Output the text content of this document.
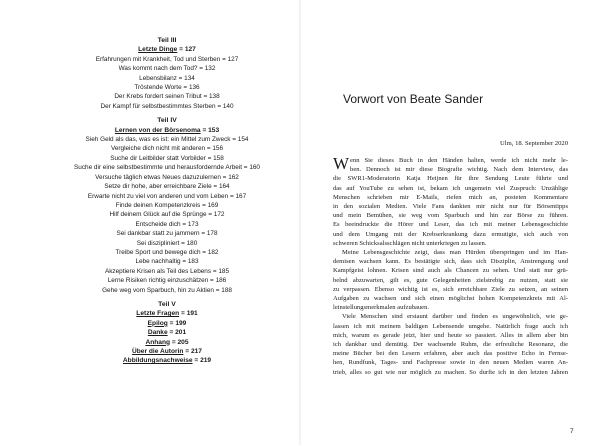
Teil III
Letzte Dinge = 127
Erfahrungen mit Krankheit, Tod und Sterben = 127
Was kommt nach dem Tod? = 132
Lebensbilanz = 134
Tröstende Worte = 136
Der Krebs fordert seinen Tribut = 138
Der Kampf für selbstbestimmtes Sterben = 140
Teil IV
Lernen von der Börsenoma = 153
Sieh Geld als das, was es ist: ein Mittel zum Zweck = 154
Vergleiche dich nicht mit anderen = 156
Suche dir Leitbilder statt Vorbilder = 158
Suche dir eine selbstbestimmte und herausfordernde Arbeit = 160
Versuche täglich etwas Neues dazuzulernen = 162
Setze dir hohe, aber erreichbare Ziele = 164
Erwarte nicht zu viel von anderen und vom Leben = 167
Finde deinen Kompetenzkreis = 169
Hilf deinem Glück auf die Sprünge = 172
Entscheide dich = 173
Sei dankbar statt zu jammern = 178
Sei diszipliniert = 180
Treibe Sport und bewege dich = 182
Lebe nachhaltig = 183
Akzeptiere Krisen als Teil des Lebens = 185
Lerne Risiken richtig einzuschätzen = 186
Gehe weg vom Sparbuch, hin zu Aktien = 188
Teil V
Letzte Fragen = 191
Epilog = 199
Danke = 201
Anhang = 205
Über die Autorin = 217
Abbildungsnachweise = 219
Vorwort von Beate Sander
Ulm, 18. September 2020
W enn Sie dieses Buch in den Händen halten, werde ich nicht mehr le-
ben. Dennoch ist mir diese Biografie wichtig. Nach dem Interview, das
die SWR1-Moderatorin Katja Heijnen für ihre Sendung Leute führte und
das auf YouTube zu sehen ist, bekam ich ungemein viel Zuspruch: Unzählige
Menschen schrieben mir E-Mails, riefen mich an, posteten Kommentare
in den sozialen Medien. Viele Fans dankten mir nicht nur für Börsentipps
und mein Bemühen, sie weg vom Sparbuch und hin zur Börse zu führen.
Es beeindruckte die Hörer und Leser, das ich mit meiner Lebensgeschichte
und dem Umgang mit der Krebserkrankung dazu ermutigte, sich auch von
schweren Schicksalsschlägen nicht unterkriegen zu lassen.
Meine Lebensgeschichte zeigt, dass man Hürden überspringen und im Han-
demisen wachsen kann. Es bestätigte sich, dass sich Disziplin, Anstrengung und
Kampfgeist lohnen. Krisen sind auch als Chancen zu sehen. Und statt nur grü-
belnd abzuwarten, gilt es, gute Gelegenheiten zielstrebig zu nutzen, statt sie
zu verpassen. Ebenso wichtig ist es, sich erreichbare Ziele zu setzen, an seinen
Aufgaben zu wachsen und sich einen möglichst hohen Kompetenzkreis mit Al-
leinstellungsmerkmalen aufzubauen.
Viele Menschen sind erstaunt darüber und finden es ungewöhnlich, wie ge-
lassen ich mit meinem baldigen Lebensende umgehe. Natürlich frage auch ich
mich, warum es gerade jetzt, hier und heute so passiert. Alles in allem aber bin
ich dankbar und demütig. Der wachsende Ruhm, die erfreuliche Resonanz, die
meine Bücher bei den Lesern erfahren, aber auch das positive Echo in Fernse-
hen, Rundfunk, Tages- und Fachpresse sowie in den neuen Medien waren An-
trieb, alles so gut wie nur möglich zu machen. So durfte ich in den letzten Jahren
7
